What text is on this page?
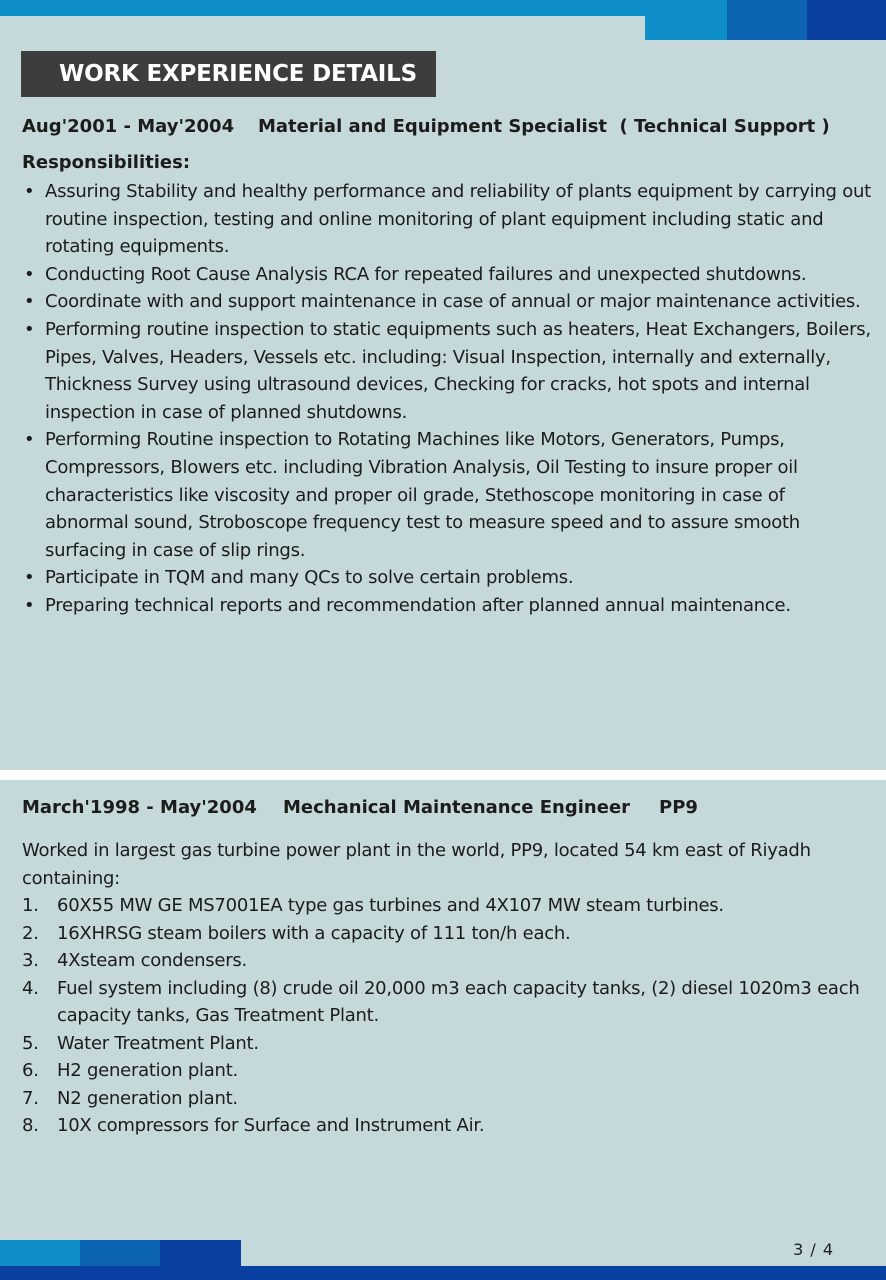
WORK EXPERIENCE DETAILS
Aug'2001 - May'2004 Material and Equipment Specialist  ( Technical Support )
Responsibilities:
• Assuring Stability and healthy performance and reliability of plants equipment by carrying out routine inspection, testing and online monitoring of plant equipment including static and rotating equipments.
• Conducting Root Cause Analysis RCA for repeated failures and unexpected shutdowns.
• Coordinate with and support maintenance in case of annual or major maintenance activities.
• Performing routine inspection to static equipments such as heaters, Heat Exchangers, Boilers, Pipes, Valves, Headers, Vessels etc. including: Visual Inspection, internally and externally, Thickness Survey using ultrasound devices, Checking for cracks, hot spots and internal inspection in case of planned shutdowns.
• Performing Routine inspection to Rotating Machines like Motors, Generators, Pumps, Compressors, Blowers etc. including Vibration Analysis, Oil Testing to insure proper oil characteristics like viscosity and proper oil grade, Stethoscope monitoring in case of abnormal sound, Stroboscope frequency test to measure speed and to assure smooth surfacing in case of slip rings.
• Participate in TQM and many QCs to solve certain problems.
• Preparing technical reports and recommendation after planned annual maintenance.
March'1998 - May'2004 Mechanical Maintenance Engineer PP9
Worked in largest gas turbine power plant in the world, PP9, located 54 km east of Riyadh containing:
1. 60X55 MW GE MS7001EA type gas turbines and 4X107 MW steam turbines.
2. 16XHRSG steam boilers with a capacity of 111 ton/h each.
3. 4Xsteam condensers.
4. Fuel system including (8) crude oil 20,000 m3 each capacity tanks, (2) diesel 1020m3 each capacity tanks, Gas Treatment Plant.
5. Water Treatment Plant.
6. H2 generation plant.
7. N2 generation plant.
8. 10X compressors for Surface and Instrument Air.
3 / 4
